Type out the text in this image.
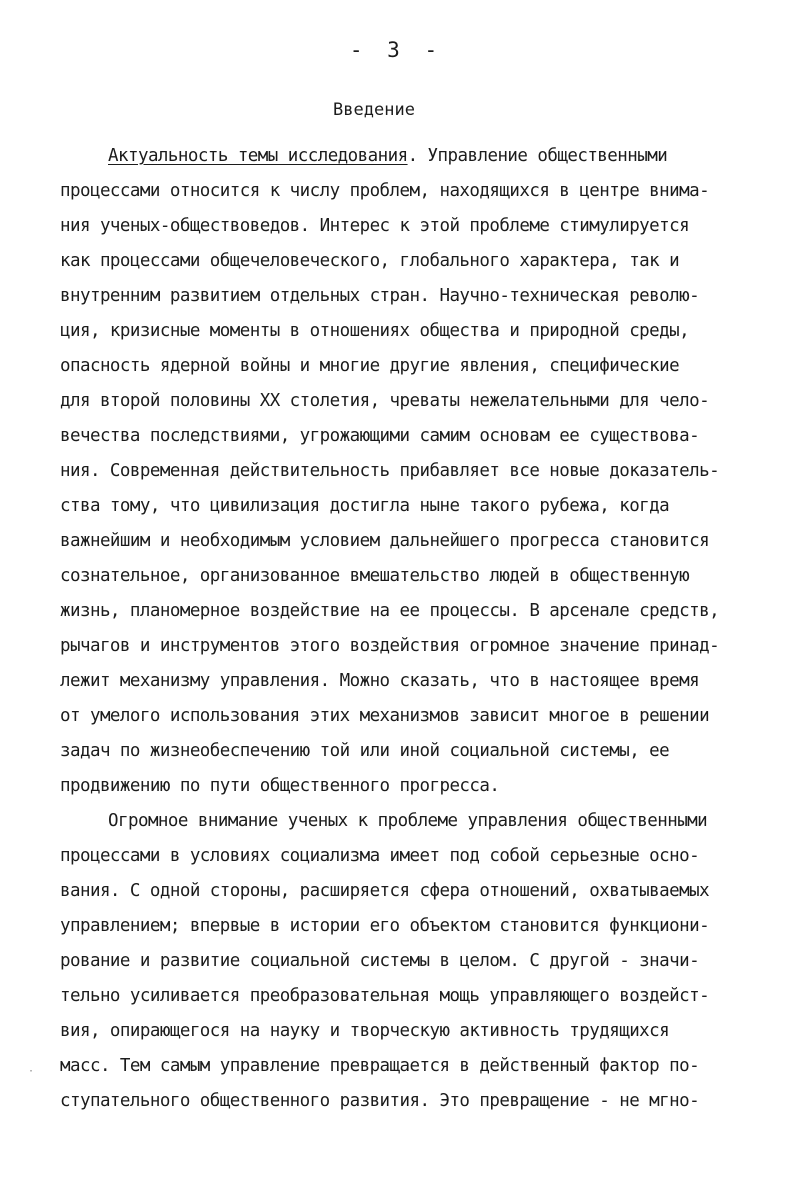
- 3 -
Введение
Актуальность темы исследования. Управление общественными
процессами относится к числу проблем, находящихся в центре внима-
ния ученых-обществоведов. Интерес к этой проблеме стимулируется
как процессами общечеловеческого, глобального характера, так и
внутренним развитием отдельных стран. Научно-техническая револю-
ция, кризисные моменты в отношениях общества и природной среды,
опасность ядерной войны и многие другие явления, специфические
для второй половины XX столетия, чреваты нежелательными для чело-
вечества последствиями, угрожающими самим основам ее существова-
ния. Современная действительность прибавляет все новые доказатель-
ства тому, что цивилизация достигла ныне такого рубежа, когда
важнейшим и необходимым условием дальнейшего прогресса становится
сознательное, организованное вмешательство людей в общественную
жизнь, планомерное воздействие на ее процессы. В арсенале средств,
рычагов и инструментов этого воздействия огромное значение принад-
лежит механизму управления. Можно сказать, что в настоящее время
от умелого использования этих механизмов зависит многое в решении
задач по жизнеобеспечению той или иной социальной системы, ее
продвижению по пути общественного прогресса.
Огромное внимание ученых к проблеме управления общественными
процессами в условиях социализма имеет под собой серьезные осно-
вания. С одной стороны, расширяется сфера отношений, охватываемых
управлением; впервые в истории его объектом становится функциони-
рование и развитие социальной системы в целом. С другой - значи-
тельно усиливается преобразовательная мощь управляющего воздейст-
вия, опирающегося на науку и творческую активность трудящихся
масс. Тем самым управление превращается в действенный фактор по-
ступательного общественного развития. Это превращение - не мгно-
·
